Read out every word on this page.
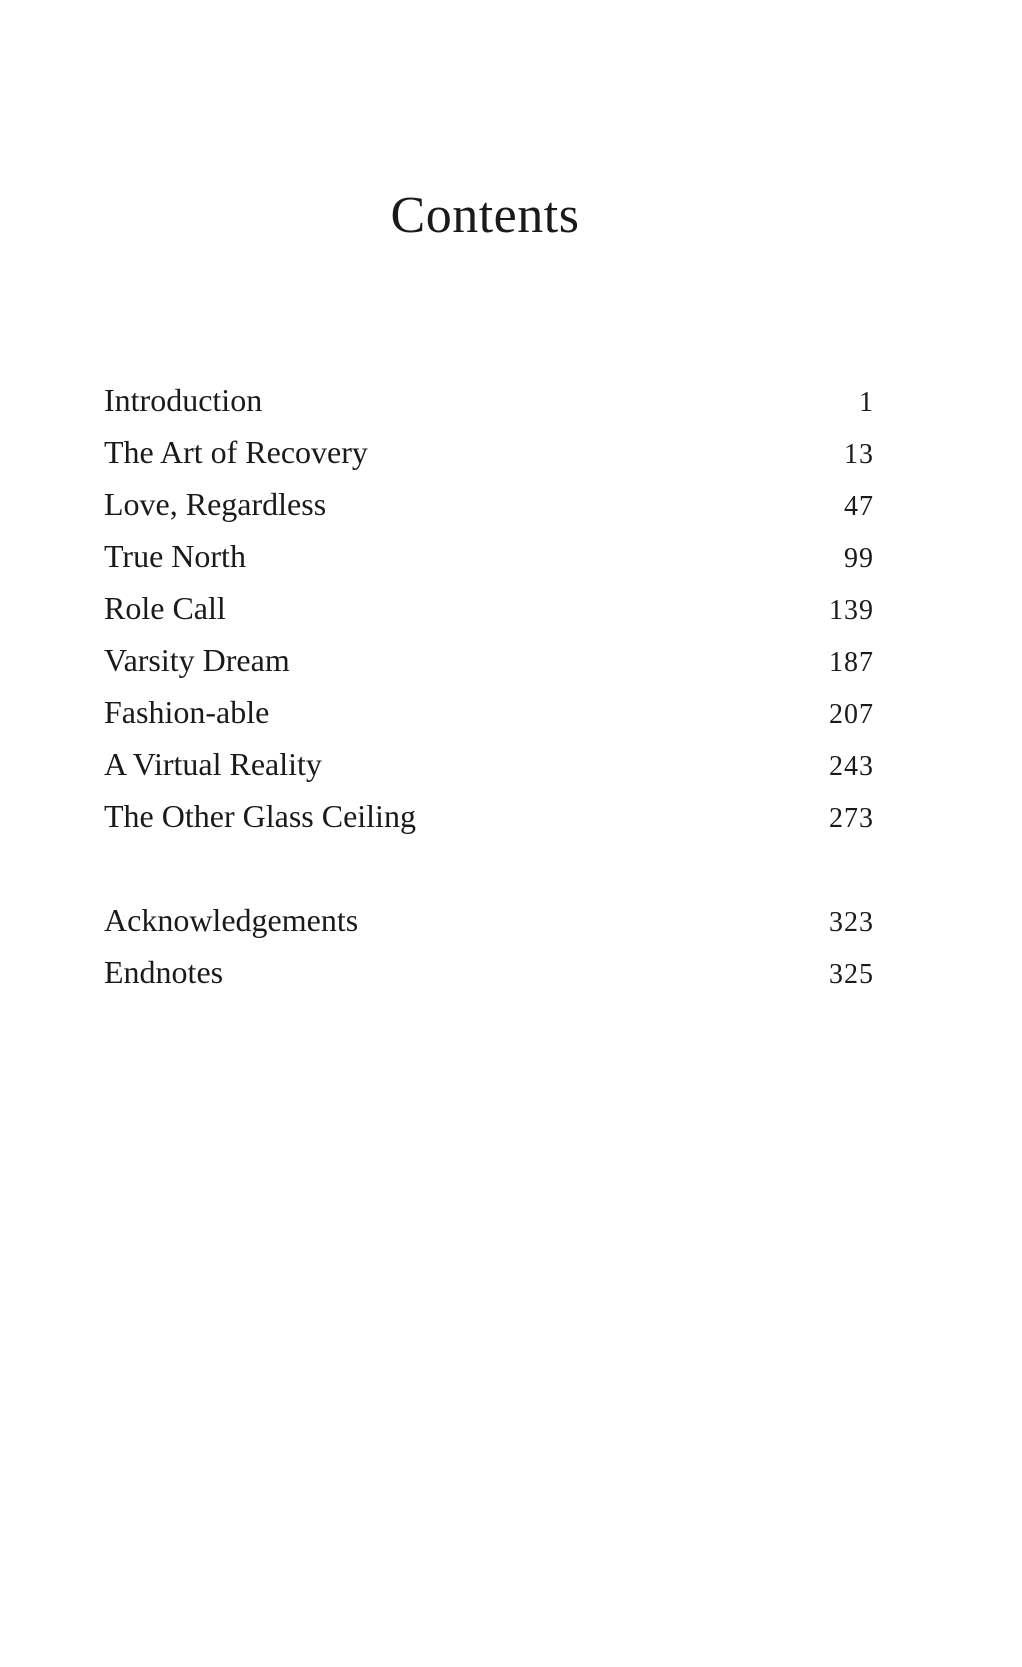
Contents
Introduction	1
The Art of Recovery	13
Love, Regardless	47
True North	99
Role Call	139
Varsity Dream	187
Fashion-able	207
A Virtual Reality	243
The Other Glass Ceiling	273
Acknowledgements	323
Endnotes	325
